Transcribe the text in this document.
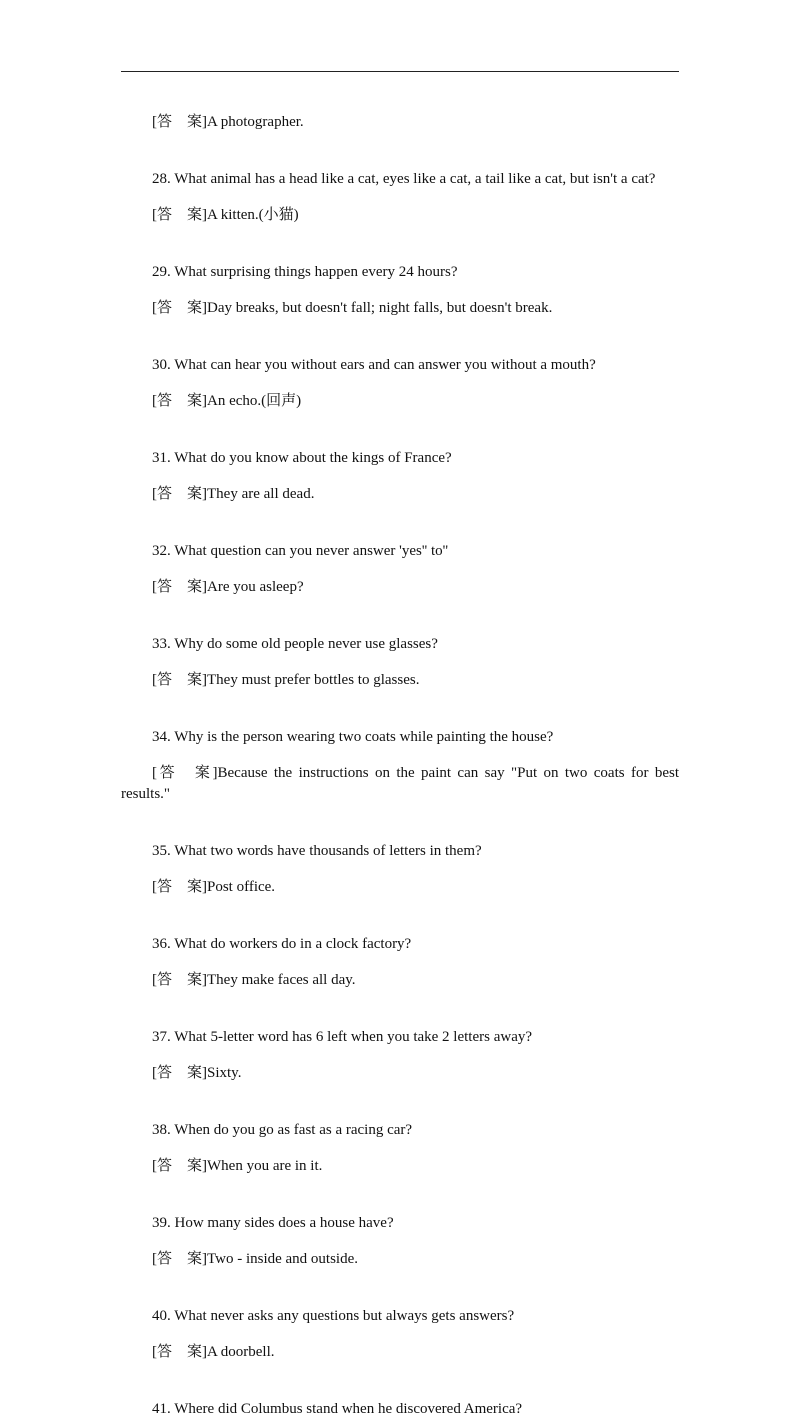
[答　案]A photographer.

28. What animal has a head like a cat, eyes like a cat, a tail like a cat, but isn't a cat?

[答　案]A kitten.(小猫)

29. What surprising things happen every 24 hours?

[答　案]Day breaks, but doesn't fall; night falls, but doesn't break.

30. What can hear you without ears and can answer you without a mouth?

[答　案]An echo.(回声)

31. What do you know about the kings of France?

[答　案]They are all dead.

32. What question can you never answer 'yes'' to''

[答　案]Are you asleep?

33. Why do some old people never use glasses?

[答　案]They must prefer bottles to glasses.

34. Why is the person wearing two coats while painting the house?

[答　案]Because the instructions on the paint can say "Put on two coats for best results."

35. What two words have thousands of letters in them?

[答　案]Post office.

36. What do workers do in a clock factory?

[答　案]They make faces all day.

37. What 5-letter word has 6 left when you take 2 letters away?

[答　案]Sixty.

38. When do you go as fast as a racing car?

[答　案]When you are in it.

39. How many sides does a house have?

[答　案]Two - inside and outside.

40. What never asks any questions but always gets answers?

[答　案]A doorbell.

41. Where did Columbus stand when he discovered America?
